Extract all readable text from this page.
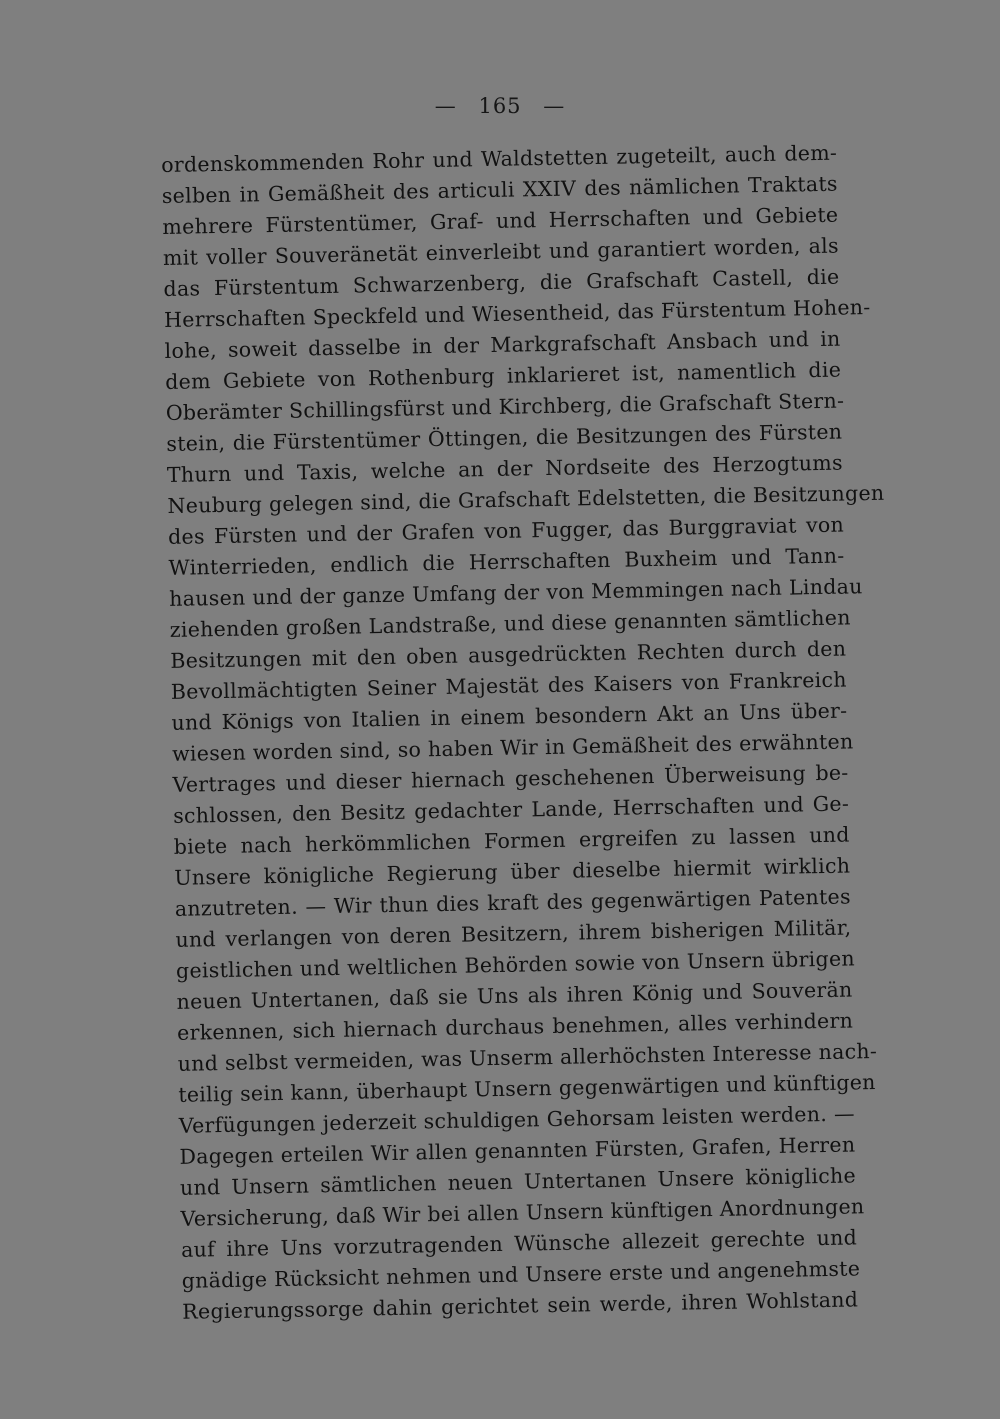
— 165 —
ordenskommenden Rohr und Waldstetten zugeteilt, auch dem-
selben in Gemäßheit des articuli XXIV des nämlichen Traktats
mehrere Fürstentümer, Graf- und Herrschaften und Gebiete
mit voller Souveränetät einverleibt und garantiert worden, als
das Fürstentum Schwarzenberg, die Grafschaft Castell, die
Herrschaften Speckfeld und Wiesentheid, das Fürstentum Hohen-
lohe, soweit dasselbe in der Markgrafschaft Ansbach und in
dem Gebiete von Rothenburg inklarieret ist, namentlich die
Oberämter Schillingsfürst und Kirchberg, die Grafschaft Stern-
stein, die Fürstentümer Öttingen, die Besitzungen des Fürsten
Thurn und Taxis, welche an der Nordseite des Herzogtums
Neuburg gelegen sind, die Grafschaft Edelstetten, die Besitzungen
des Fürsten und der Grafen von Fugger, das Burggraviat von
Winterrieden, endlich die Herrschaften Buxheim und Tann-
hausen und der ganze Umfang der von Memmingen nach Lindau
ziehenden großen Landstraße, und diese genannten sämtlichen
Besitzungen mit den oben ausgedrückten Rechten durch den
Bevollmächtigten Seiner Majestät des Kaisers von Frankreich
und Königs von Italien in einem besondern Akt an Uns über-
wiesen worden sind, so haben Wir in Gemäßheit des erwähnten
Vertrages und dieser hiernach geschehenen Überweisung be-
schlossen, den Besitz gedachter Lande, Herrschaften und Ge-
biete nach herkömmlichen Formen ergreifen zu lassen und
Unsere königliche Regierung über dieselbe hiermit wirklich
anzutreten. — Wir thun dies kraft des gegenwärtigen Patentes
und verlangen von deren Besitzern, ihrem bisherigen Militär,
geistlichen und weltlichen Behörden sowie von Unsern übrigen
neuen Untertanen, daß sie Uns als ihren König und Souverän
erkennen, sich hiernach durchaus benehmen, alles verhindern
und selbst vermeiden, was Unserm allerhöchsten Interesse nach-
teilig sein kann, überhaupt Unsern gegenwärtigen und künftigen
Verfügungen jederzeit schuldigen Gehorsam leisten werden. —
Dagegen erteilen Wir allen genannten Fürsten, Grafen, Herren
und Unsern sämtlichen neuen Untertanen Unsere königliche
Versicherung, daß Wir bei allen Unsern künftigen Anordnungen
auf ihre Uns vorzutragenden Wünsche allezeit gerechte und
gnädige Rücksicht nehmen und Unsere erste und angenehmste
Regierungssorge dahin gerichtet sein werde, ihren Wohlstand
